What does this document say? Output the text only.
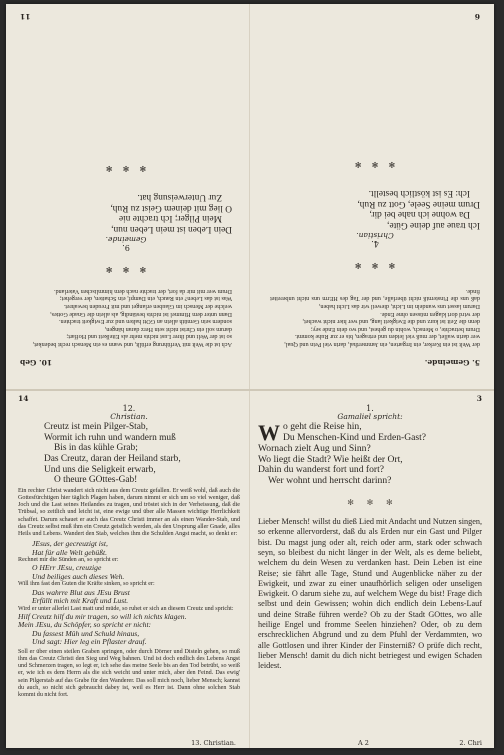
5. Gemeinde.

der Welt ist ein Kerker, ein Irrgarten, ein Jammerthal, darin viel Pein und Qual,

wer darin wallet, der muß viel leiden und ertragen, bis er zur Ruhe kommt.

Drum betrachte, o Mensch, wohin du gehest, und wo dein Ende sey;

denn die Zeit ist kurz und die Ewigkeit lang, und wer hier nicht wachet,

der wird dort klagen müssen ohne Ende.

Darum lasset uns wandeln im Licht, dieweil wir das Licht haben,

daß uns die Finsterniß nicht überfalle, und der Tag des HErrn uns nicht unbereitet finde.

✻    ✻    ✻

4.

Christian.

Ich traue auf deine Güte,

Da wohne ich nahe bei dir,

Drum meine Seele, Gott zu Ruh,

Ich: Es ist köstlich bestellt.

✻    ✻    ✻
6
10. Geb

Ach ist die Welt mit Verführung erfüllt, und wann es ein Mensch recht bedenket,

so ist der Welt und ihrer Lust nichts mehr als Eitelkeit und Hoffart;

darum soll ein Christ nicht sein Herz daran hängen,

sondern sein Gemüth allein an GOtt halten und zur Ewigkeit trachten.

Dann unter dem Himmel ist nichts beständig, als allein die Gnade Gottes,

welche der Mensch im Glauben erlanget und mit Freuden bewahret.

Was ist das Leben? ein Rauch, ein Dampf, ein Schatten, der vergehet;

Drum wer mit mir da fort, der trachte nach dem himmlischen Vaterland.

✻    ✻    ✻

9.

Gemeinde.

Dein Leben ist mein Leben nun,

Mein Pilger; Ich trachte nie

O lieg mit deinem Geist zu Ruh,

Zur Unterweisung hat.

✻    ✻    ✻
11
14

12.

Christian.

Creutz ist mein Pilger-Stab,

Wormit ich ruhn und wandern muß

Bis in das kühle Grab;

Das Creutz, daran der Heiland starb,

Und uns die Seligkeit erwarb,

O theure GOttes-Gab!

Ein rechter Christ wandert sich nicht aus dem Creutz gefallen. Er weiß wohl, daß auch die Gottesfürchtigen hier täglich Plagen haben, darum nimmt er sich um so viel weniger, daß Joch und die Last seines Heilandes zu tragen, und tröstet sich in der Verheissung, daß die Trübsal, so zeitlich und leicht ist, eine ewige und über alle Massen wichtige Herrlichkeit schaffet. Darum schauet er auch das Creutz Christi immer an als einen Wander-Stab, und das Creutz selbst muß ihm ein Creutz geistlich werden, als den Ursprung aller Gnade, alles Heils und Lebens. Wandert den Stab, welches ihm die Schulden Angst macht, so denkt er:

JEsus, der gecreuzigt ist,

Hat für alle Welt gebüßt.

Rechnet mir die Sünden an, so spricht er:

O HErr JEsu, creuzige

Und beiliges auch dieses Weh.

Will ihm fast den Guten die Kräfte sinken, so spricht er:

Das wahrre Blut aus JEsu Brust

Erfüllt mich mit Kraft und Lust.

Wird er unter allerlei Last matt und müde, so ruhet er sich an diesem Creutz und spricht:

Hilf Creutz hilf du mir tragen, so will ich nichts klagen.

Mein JEsu, du Schöpfer, so spricht er nicht:

Du fassest Müh und Schuld hinaus,

Und sagt: Hier leg ein Pflaster drauf.

Soll er über einen steilen Graben springen, oder durch Dörner und Disteln gehen, so muß ihm das Creutz Christi den Sieg und Weg bahnen. Und ist doch endlich des Lebens Angst und Schmerzen tragen, so legt er, ich sehe das meine Seele bis an den Tod betrübt, so weiß er, wie ich es dem Herrn als die sich weicht und unter mich, aber den Feind. Das ewig' sein Pilgerstab auf das Grabe für den Wanderer. Das soll mich noch, lieber Mensch; kannst du auch, so nicht sich gebraucht dabey ist, weil es Herr ist. Dann ohne solchen Stab kommt du nicht fort.
13. Christian.
3

1.

Gamaliel spricht:

W o geht die Reise hin,

Du Menschen-Kind und Erden-Gast?

Wornach zielt Aug und Sinn?

Wo liegt die Stadt? Wie heißt der Ort,

Dahin du wanderst fort und fort?

Wer wohnt und herrscht darinn?

✻     ✻     ✻
Lieber Mensch! willst du dieß Lied mit Andacht und Nutzen singen, so erkenne allervorderst, daß du als Erden nur ein Gast und Pilger bist. Du magst jung oder alt, reich oder arm, stark oder schwach seyn, so bleibest du nicht länger in der Welt, als es deme beliebt, welchem du dein Wesen zu verdanken hast. Dein Leben ist eine Reise; sie fährt alle Tage, Stund und Augenblicke näher zu der Ewigkeit, und zwar zu einer unaufhörlich seligen oder unseligen Ewigkeit. O darum siehe zu, auf welchem Wege du bist! Frage dich selbst und dein Gewissen; wohin dich endlich dein Lebens-Lauf und deine Straße führen werde? Ob zu der Stadt GOttes, wo alle heilige Engel und fromme Seelen hinziehen? Oder, ob zu dem erschrecklichen Abgrund und zu dem Pfuhl der Verdammten, wo alle Gottlosen und ihrer Kinder der Finsterniß? O prüfe dich recht, lieber Mensch! damit du dich nicht betriegest und ewigen Schaden leidest.
A 2	2. Chri
